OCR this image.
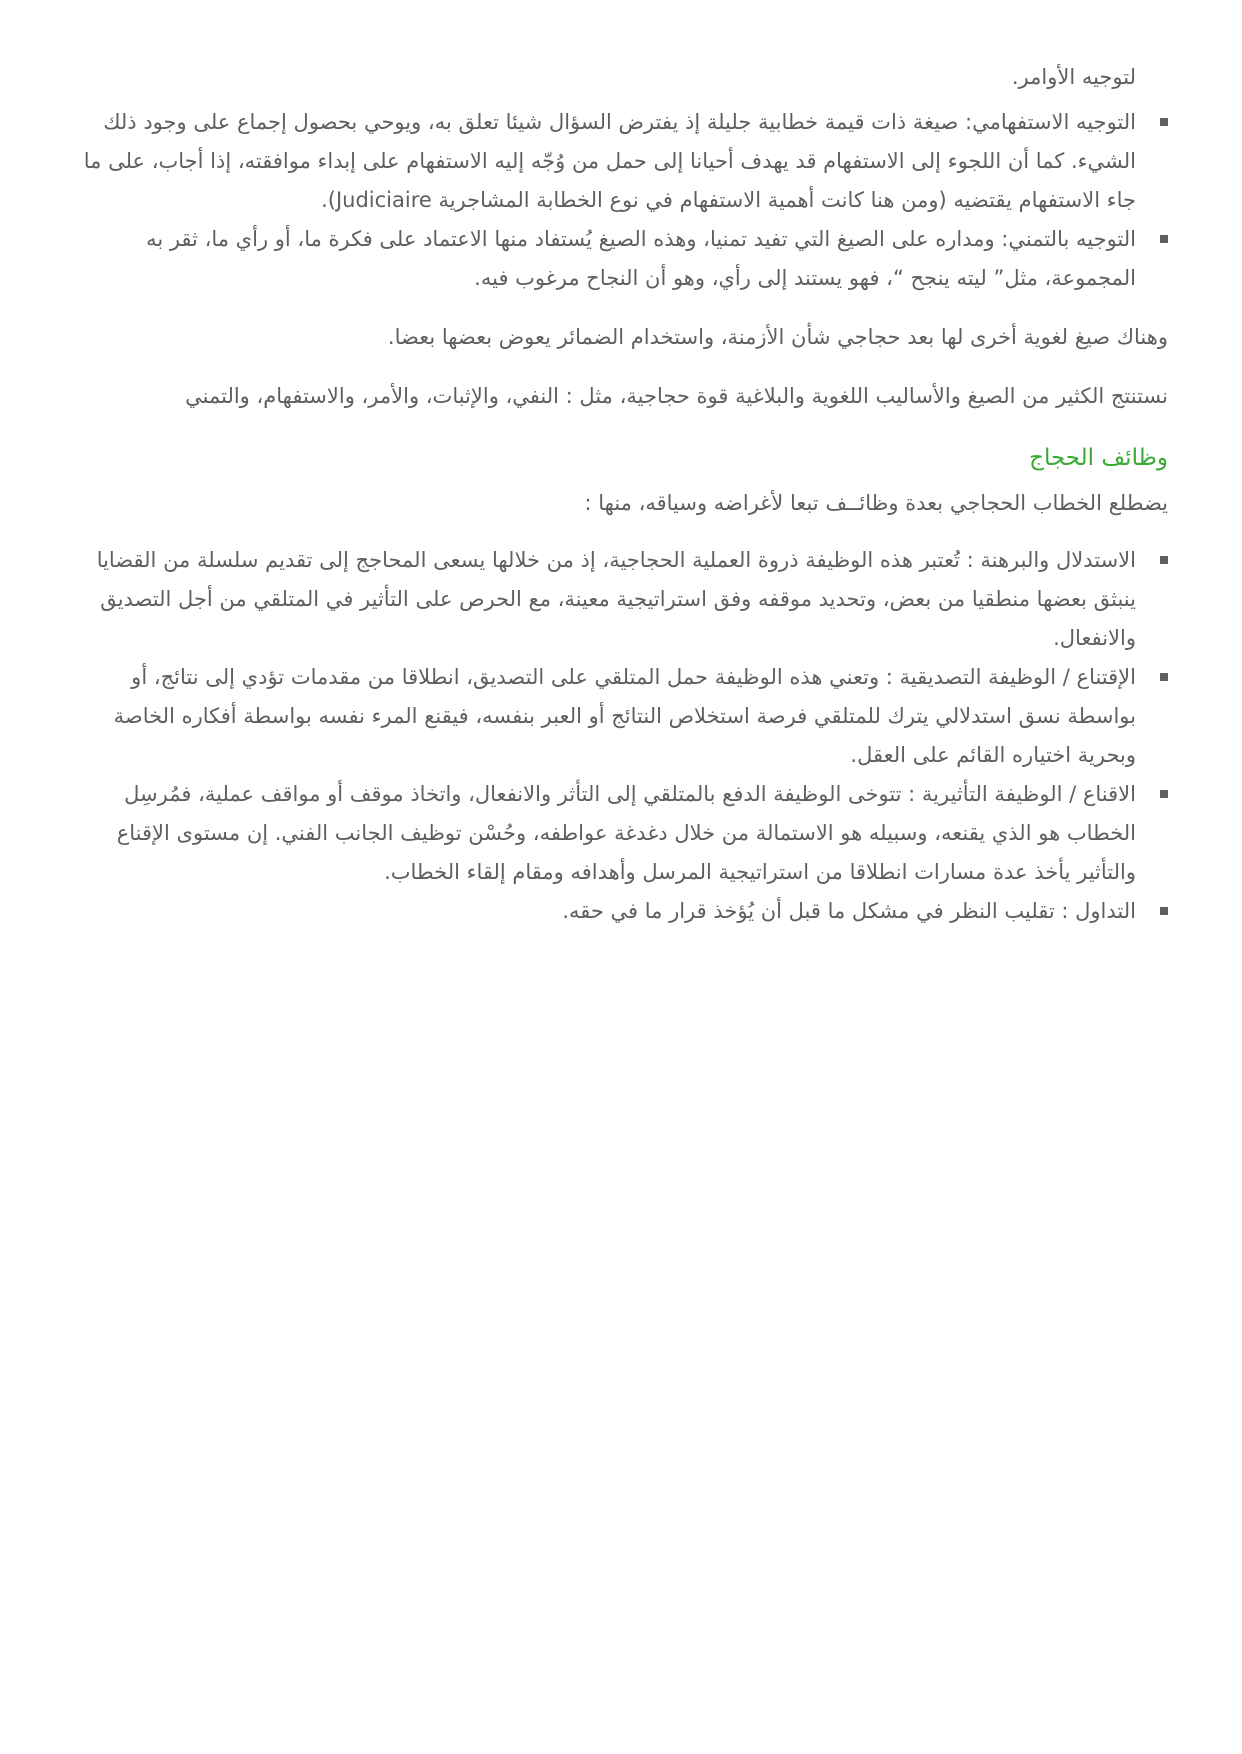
لتوجيه الأوامر.
التوجيه الاستفهامي: صيغة ذات قيمة خطابية جليلة إذ يفترض السؤال شيئا تعلق به، ويوحي بحصول إجماع على وجود ذلك الشيء. كما أن اللجوء إلى الاستفهام قد يهدف أحيانا إلى حمل من وُجّه إليه الاستفهام على إبداء موافقته، إذا أجاب، على ما جاء الاستفهام يقتضيه (ومن هنا كانت أهمية الاستفهام في نوع الخطابة المشاجرية Judiciaire).
التوجيه بالتمني: ومداره على الصيغ التي تفيد تمنيا، وهذه الصيغ يُستفاد منها الاعتماد على فكرة ما، أو رأي ما، ثقر به المجموعة، مثل” ليته ينجح “، فهو يستند إلى رأي، وهو أن النجاح مرغوب فيه.

وهناك صيغ لغوية أخرى لها بعد حجاجي شأن الأزمنة، واستخدام الضمائر يعوض بعضها بعضا.

نستنتج الكثير من الصيغ والأساليب اللغوية والبلاغية قوة حجاجية، مثل : النفي، والإثبات، والأمر، والاستفهام، والتمني

وظائف الحجاج

يضطلع الخطاب الحجاجي بعدة وظائــف تبعا لأغراضه وسياقه، منها :

الاستدلال والبرهنة : تُعتبر هذه الوظيفة ذروة العملية الحجاجية، إذ من خلالها يسعى المحاجج إلى تقديم سلسلة من القضايا ينبثق بعضها منطقيا من بعض، وتحديد موقفه وفق استراتيجية معينة، مع الحرص على التأثير في المتلقي من أجل التصديق والانفعال.
الإقتناع / الوظيفة التصديقية : وتعني هذه الوظيفة حمل المتلقي على التصديق، انطلاقا من مقدمات تؤدي إلى نتائج، أو بواسطة نسق استدلالي يترك للمتلقي فرصة استخلاص النتائج أو العبر بنفسه، فيقنع المرء نفسه بواسطة أفكاره الخاصة وبحرية اختياره القائم على العقل.
الاقناع / الوظيفة التأثيرية : تتوخى الوظيفة الدفع بالمتلقي إلى التأثر والانفعال، واتخاذ موقف أو مواقف عملية، فمُرسِل الخطاب هو الذي يقنعه، وسبيله هو الاستمالة من خلال دغدغة عواطفه، وحُسْن توظيف الجانب الفني. إن مستوى الإقناع والتأثير يأخذ عدة مسارات انطلاقا من استراتيجية المرسل وأهدافه ومقام إلقاء الخطاب.
التداول : تقليب النظر في مشكل ما قبل أن يُؤخذ قرار ما في حقه.
